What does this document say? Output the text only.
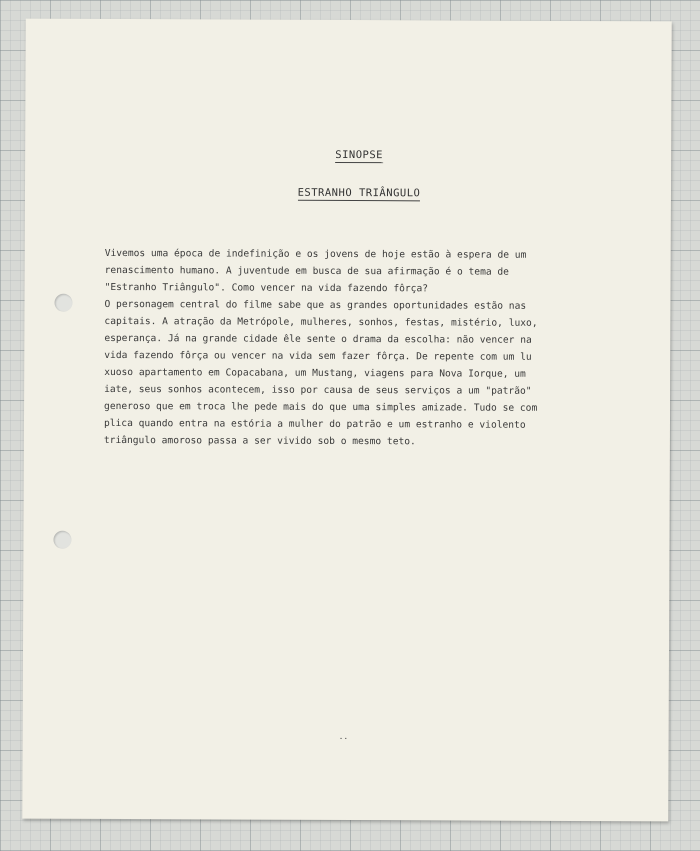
SINOPSE
ESTRANHO TRIÂNGULO
Vivemos uma época de indefinição e os jovens de hoje estão à espera de um
renascimento humano. A juventude em busca de sua afirmação é o tema de
"Estranho Triângulo". Como vencer na vida fazendo fôrça?
O personagem central do filme sabe que as grandes oportunidades estão nas
capitais. A atração da Metrópole, mulheres, sonhos, festas, mistério, luxo,
esperança. Já na grande cidade êle sente o drama da escolha: não vencer na
vida fazendo fôrça ou vencer na vida sem fazer fôrça. De repente com um lu
xuoso apartamento em Copacabana, um Mustang, viagens para Nova Iorque, um
iate, seus sonhos acontecem, isso por causa de seus serviços a um "patrão"
generoso que em troca lhe pede mais do que uma simples amizade. Tudo se com
plica quando entra na estória a mulher do patrão e um estranho e violento
triângulo amoroso passa a ser vivido sob o mesmo teto.
..
